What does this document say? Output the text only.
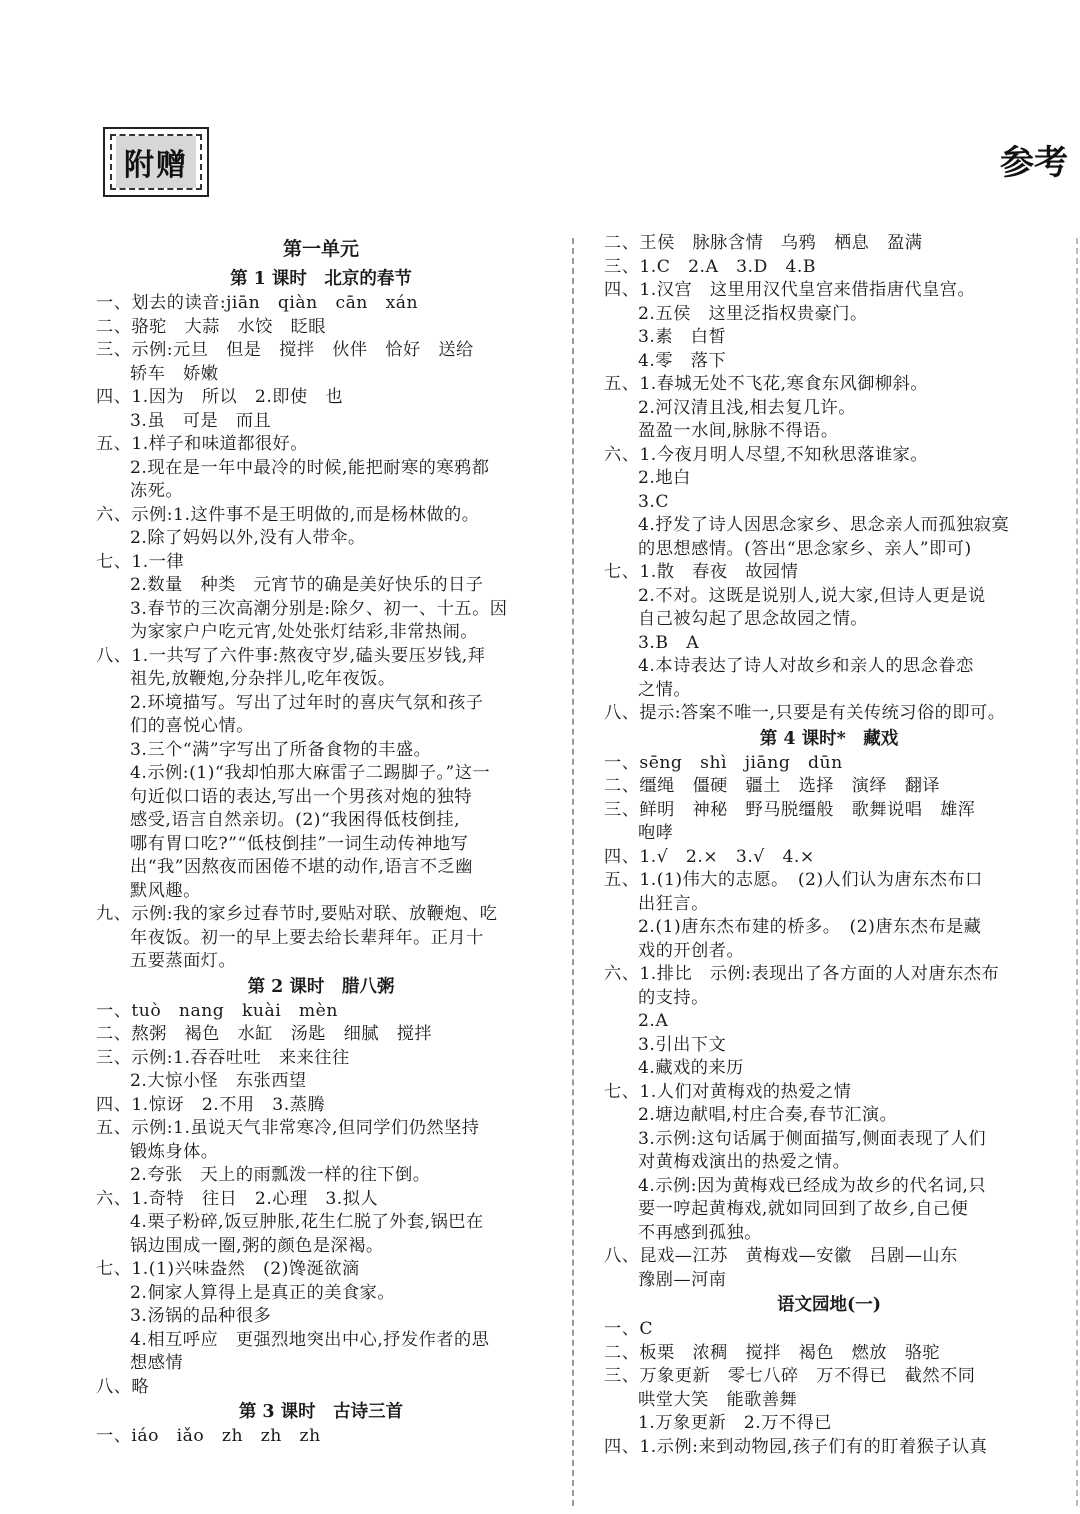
附赠	参考
第一单元
第 1 课时　北京的春节
一、划去的读音:jiān　qiàn　cān　xán
二、骆驼　大蒜　水饺　眨眼
三、示例:元旦　但是　搅拌　伙伴　恰好　送给
轿车　娇嫩
四、1.因为　所以　2.即使　也
3.虽　可是　而且
五、1.样子和味道都很好。
2.现在是一年中最冷的时候,能把耐寒的寒鸦都
冻死。
六、示例:1.这件事不是王明做的,而是杨林做的。
2.除了妈妈以外,没有人带伞。
七、1.一律
2.数量　种类　元宵节的确是美好快乐的日子
3.春节的三次高潮分别是:除夕、初一、十五。因
为家家户户吃元宵,处处张灯结彩,非常热闹。
八、1.一共写了六件事:熬夜守岁,磕头要压岁钱,拜
祖先,放鞭炮,分杂拌儿,吃年夜饭。
2.环境描写。写出了过年时的喜庆气氛和孩子
们的喜悦心情。
3.三个“满”字写出了所备食物的丰盛。
4.示例:(1)“我却怕那大麻雷子二踢脚子。”这一
句近似口语的表达,写出一个男孩对炮的独特
感受,语言自然亲切。(2)“我困得低枝倒挂,
哪有胃口吃?”“低枝倒挂”一词生动传神地写
出“我”因熬夜而困倦不堪的动作,语言不乏幽
默风趣。
九、示例:我的家乡过春节时,要贴对联、放鞭炮、吃
年夜饭。初一的早上要去给长辈拜年。正月十
五要蒸面灯。
第 2 课时　腊八粥
一、tuò　nang　kuài　mèn
二、熬粥　褐色　水缸　汤匙　细腻　搅拌
三、示例:1.吞吞吐吐　来来往往
2.大惊小怪　东张西望
四、1.惊讶　2.不用　3.蒸腾
五、示例:1.虽说天气非常寒冷,但同学们仍然坚持
锻炼身体。
2.夸张　天上的雨瓢泼一样的往下倒。
六、1.奇特　往日　2.心理　3.拟人
4.栗子粉碎,饭豆肿胀,花生仁脱了外套,锅巴在
锅边围成一圈,粥的颜色是深褐。
七、1.(1)兴味盎然　(2)馋涎欲滴
2.侗家人算得上是真正的美食家。
3.汤锅的品种很多
4.相互呼应　更强烈地突出中心,抒发作者的思
想感情
八、略
第 3 课时　古诗三首
一、iáo　iǎo　zh　zh　zh
二、王侯　脉脉含情　乌鸦　栖息　盈满
三、1.C　2.A　3.D　4.B
四、1.汉宫　这里用汉代皇宫来借指唐代皇宫。
2.五侯　这里泛指权贵豪门。
3.素　白皙
4.零　落下
五、1.春城无处不飞花,寒食东风御柳斜。
2.河汉清且浅,相去复几许。
盈盈一水间,脉脉不得语。
六、1.今夜月明人尽望,不知秋思落谁家。
2.地白
3.C
4.抒发了诗人因思念家乡、思念亲人而孤独寂寞
的思想感情。(答出“思念家乡、亲人”即可)
七、1.散　春夜　故园情
2.不对。这既是说别人,说大家,但诗人更是说
自己被勾起了思念故园之情。
3.B　A
4.本诗表达了诗人对故乡和亲人的思念眷恋
之情。
八、提示:答案不唯一,只要是有关传统习俗的即可。
第 4 课时*　藏戏
一、sēng　shì　jiāng　dūn
二、缰绳　僵硬　疆土　选择　演绎　翻译
三、鲜明　神秘　野马脱缰般　歌舞说唱　雄浑
咆哮
四、1.√　2.×　3.√　4.×
五、1.(1)伟大的志愿。　(2)人们认为唐东杰布口
出狂言。
2.(1)唐东杰布建的桥多。　(2)唐东杰布是藏
戏的开创者。
六、1.排比　示例:表现出了各方面的人对唐东杰布
的支持。
2.A
3.引出下文
4.藏戏的来历
七、1.人们对黄梅戏的热爱之情
2.塘边献唱,村庄合奏,春节汇演。
3.示例:这句话属于侧面描写,侧面表现了人们
对黄梅戏演出的热爱之情。
4.示例:因为黄梅戏已经成为故乡的代名词,只
要一哼起黄梅戏,就如同回到了故乡,自己便
不再感到孤独。
八、昆戏—江苏　黄梅戏—安徽　吕剧—山东
豫剧—河南
语文园地(一)
一、C
二、板栗　浓稠　搅拌　褐色　燃放　骆驼
三、万象更新　零七八碎　万不得已　截然不同
哄堂大笑　能歌善舞
1.万象更新　2.万不得已
四、1.示例:来到动物园,孩子们有的盯着猴子认真
